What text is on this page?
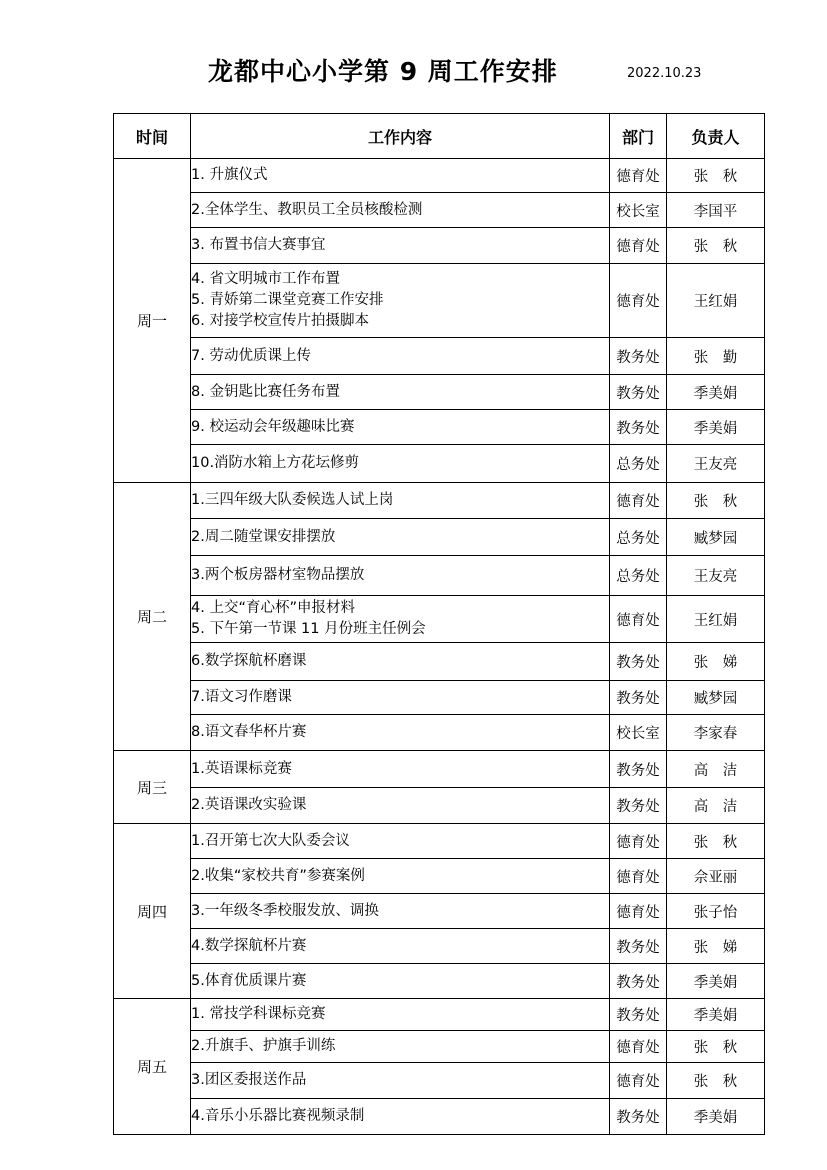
龙都中心小学第 9 周工作安排	2022.10.23
时间	工作内容	部门	负责人
周一	1. 升旗仪式	德育处	张　秋

	2.全体学生、教职员工全员核酸检测	校长室	李国平

	3. 布置书信大赛事宜	德育处	张　秋

	4. 省文明城市工作布置
5. 青娇第二课堂竞赛工作安排
6. 对接学校宣传片拍摄脚本	德育处	王红娟

	7. 劳动优质课上传	教务处	张　勤

	8. 金钥匙比赛任务布置	教务处	季美娟

	9. 校运动会年级趣味比赛	教务处	季美娟

	10.消防水箱上方花坛修剪	总务处	王友亮
周二	1.三四年级大队委候选人试上岗	德育处	张　秋

	2.周二随堂课安排摆放	总务处	臧梦园

	3.两个板房器材室物品摆放	总务处	王友亮

	4. 上交“育心杯”申报材料
5. 下午第一节课 11 月份班主任例会	德育处	王红娟

	6.数学探航杯磨课	教务处	张　娣

	7.语文习作磨课	教务处	臧梦园

	8.语文春华杯片赛	校长室	李家春
周三	1.英语课标竞赛	教务处	高　洁

	2.英语课改实验课	教务处	高　洁
周四	1.召开第七次大队委会议	德育处	张　秋

	2.收集“家校共育”参赛案例	德育处	佘亚丽

	3.一年级冬季校服发放、调换	德育处	张子怡

	4.数学探航杯片赛	教务处	张　娣

	5.体育优质课片赛	教务处	季美娟
周五	1. 常技学科课标竞赛	教务处	季美娟

	2.升旗手、护旗手训练	德育处	张　秋

	3.团区委报送作品	德育处	张　秋

	4.音乐小乐器比赛视频录制	教务处	季美娟
